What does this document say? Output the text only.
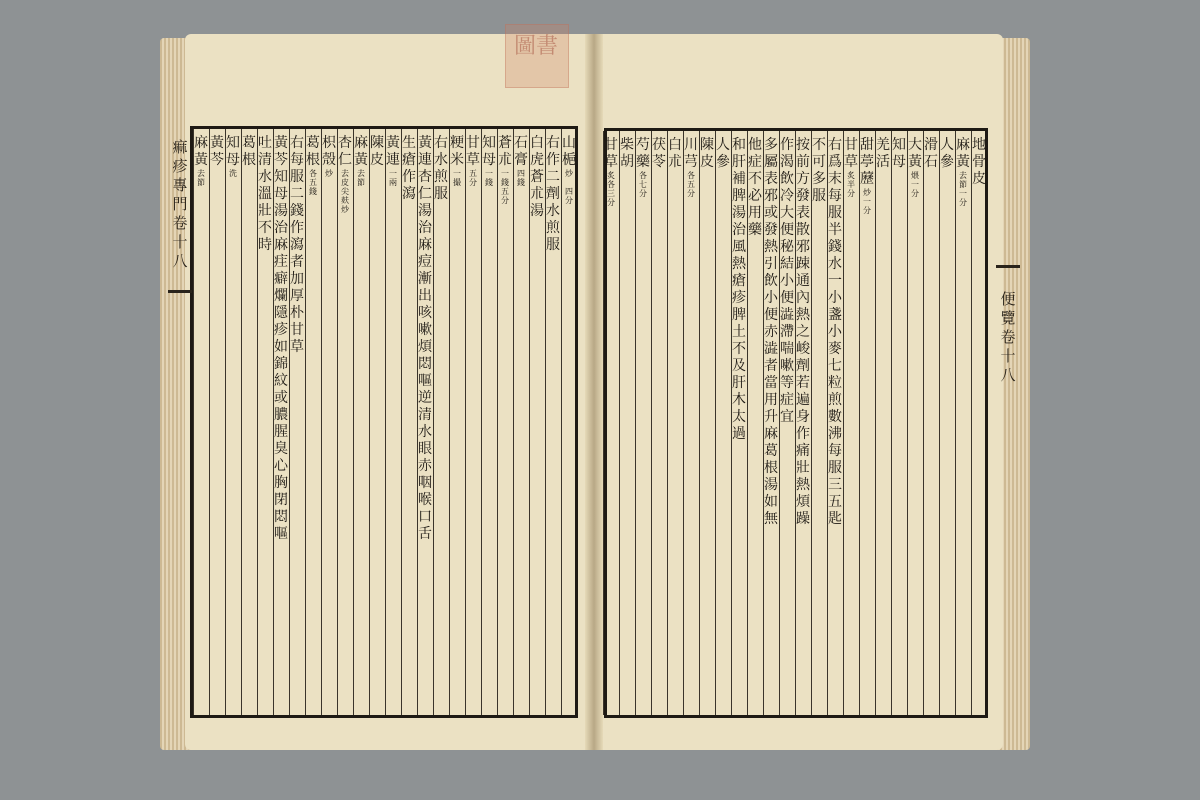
圖書
山
梔
炒
四
分
右
作
二
劑
水
煎
服
白
虎
蒼
朮
湯
石
膏
四
錢
蒼
朮
一
錢
五
分
知
母
一
錢
甘
草
五
分
粳
米
一
撮
右
水
煎
服
黃
連
杏
仁
湯
治
麻
痘
漸
出
咳
嗽
煩
悶
嘔
逆
清
水
眼
赤
咽
喉
口
舌
生
瘡
作
瀉
黃
連
一
兩
陳
皮
麻
黃
去
節
杏
仁
去
皮
尖
麸
炒
枳
殼
炒
葛
根
各
五
錢
右
每
服
二
錢
作
瀉
者
加
厚
朴
甘
草
黃
芩
知
母
湯
治
麻
疰
癖
爛
隱
疹
如
錦
紋
或
膿
腥
臭
心
胸
閉
悶
嘔
吐
清
水
溫
壯
不
時
葛
根
知
母
洗
黃
芩
麻
黃
去
節
地
骨
皮
麻
黃
去
節
一
分
人
參
滑
石
大
黃
煨
一
分
知
母
羌
活
甜
葶
藶
炒
一
分
甘
草
炙
半
分
右
爲
末
每
服
半
錢
水
一
小
盞
小
麥
七
粒
煎
數
沸
每
服
三
五
匙
不
可
多
服
按
前
方
發
表
散
邪
踈
通
內
熱
之
峻
劑
若
遍
身
作
痛
壯
熱
煩
躁
作
渴
飲
冷
大
便
秘
結
小
便
澁
滯
喘
嗽
等
症
宜
多
屬
表
邪
或
發
熱
引
飲
小
便
赤
澁
者
當
用
升
麻
葛
根
湯
如
無
他
症
不
必
用
藥
和
肝
補
脾
湯
治
風
熱
瘡
疹
脾
土
不
及
肝
木
太
過
人
參
陳
皮
川
芎
各
五
分
白
朮
茯
苓
芍
藥
各
七
分
柴
胡
甘
草
炙
各
三
分
痲疹專門 卷十八
便覽 卷十八
